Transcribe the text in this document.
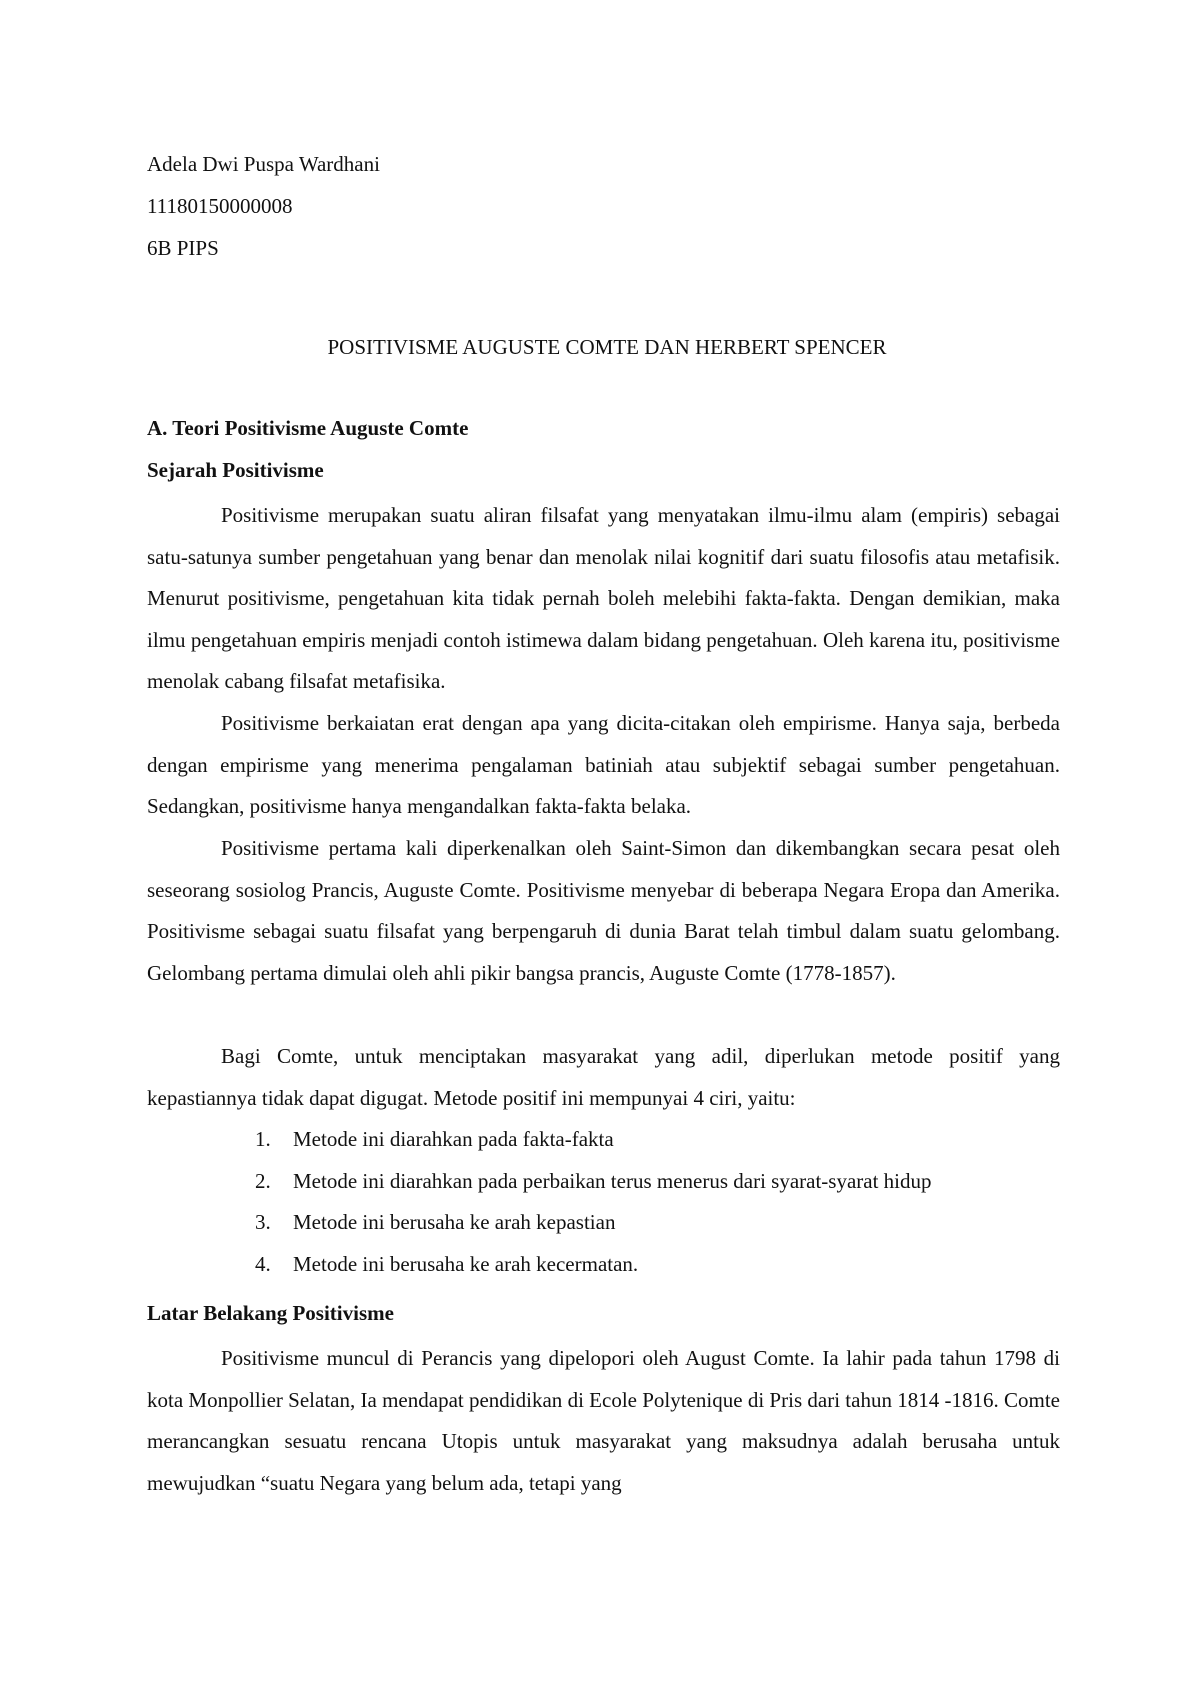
Adela Dwi Puspa Wardhani
11180150000008
6B PIPS
POSITIVISME AUGUSTE COMTE DAN HERBERT SPENCER
A. Teori Positivisme Auguste Comte
Sejarah Positivisme

Positivisme merupakan suatu aliran filsafat yang menyatakan ilmu-ilmu alam (empiris) sebagai satu-satunya sumber pengetahuan yang benar dan menolak nilai kognitif dari suatu filosofis atau metafisik. Menurut positivisme, pengetahuan kita tidak pernah boleh melebihi fakta-fakta. Dengan demikian, maka ilmu pengetahuan empiris menjadi contoh istimewa dalam bidang pengetahuan. Oleh karena itu, positivisme menolak cabang filsafat metafisika.

Positivisme berkaiatan erat dengan apa yang dicita-citakan oleh empirisme. Hanya saja, berbeda dengan empirisme yang menerima pengalaman batiniah atau subjektif sebagai sumber pengetahuan. Sedangkan, positivisme hanya mengandalkan fakta-fakta belaka.

Positivisme pertama kali diperkenalkan oleh Saint-Simon dan dikembangkan secara pesat oleh seseorang sosiolog Prancis, Auguste Comte. Positivisme menyebar di beberapa Negara Eropa dan Amerika. Positivisme sebagai suatu filsafat yang berpengaruh di dunia Barat telah timbul dalam suatu gelombang. Gelombang pertama dimulai oleh ahli pikir bangsa prancis, Auguste Comte (1778-1857).

Bagi Comte, untuk menciptakan masyarakat yang adil, diperlukan metode positif yang kepastiannya tidak dapat digugat. Metode positif ini mempunyai 4 ciri, yaitu:

1. Metode ini diarahkan pada fakta-fakta
2. Metode ini diarahkan pada perbaikan terus menerus dari syarat-syarat hidup
3. Metode ini berusaha ke arah kepastian
4. Metode ini berusaha ke arah kecermatan.
Latar Belakang Positivisme

Positivisme muncul di Perancis yang dipelopori oleh August Comte. Ia lahir pada tahun 1798 di kota Monpollier Selatan, Ia mendapat pendidikan di Ecole Polytenique di Pris dari tahun 1814 -1816. Comte merancangkan sesuatu rencana Utopis untuk masyarakat yang maksudnya adalah berusaha untuk mewujudkan “suatu Negara yang belum ada, tetapi yang
